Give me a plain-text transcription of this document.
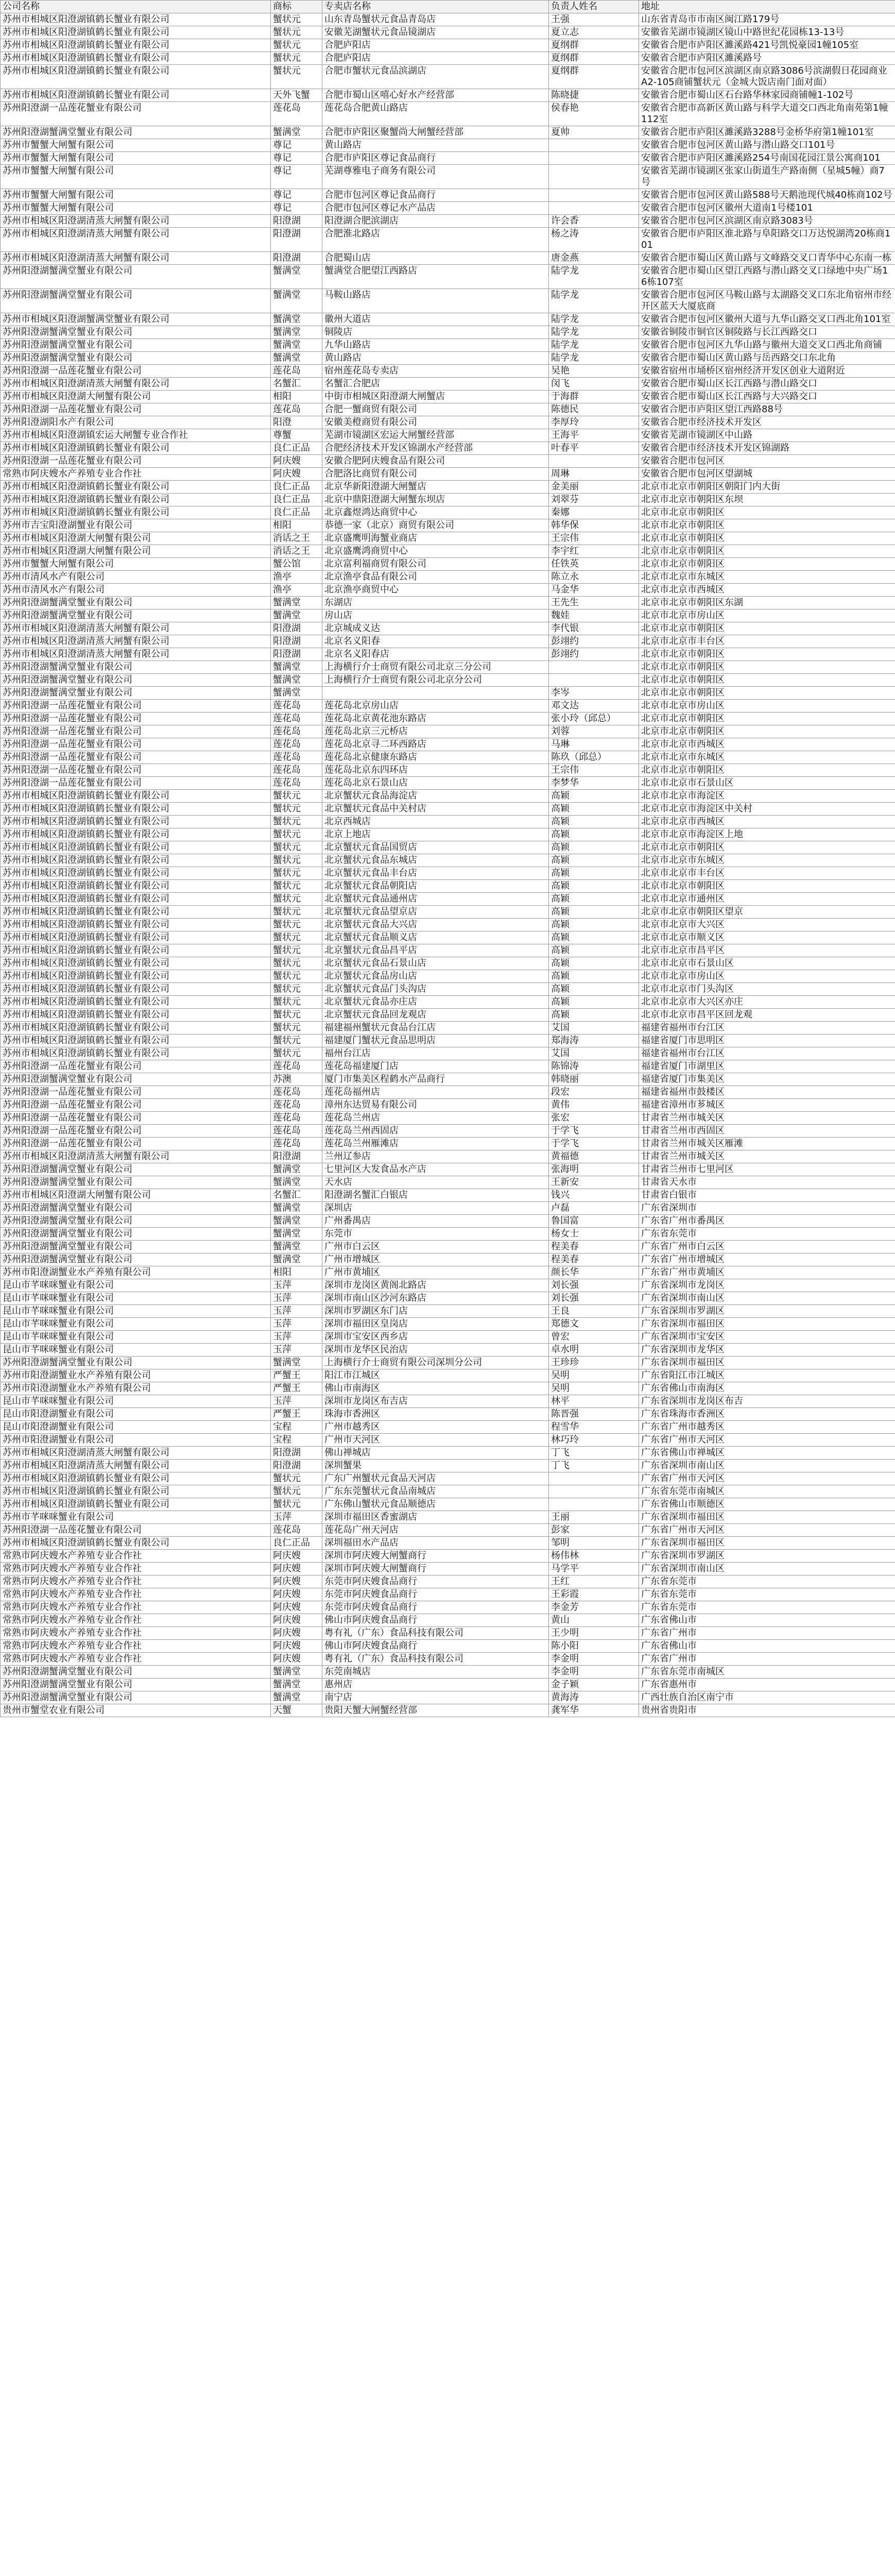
公司名称	商标	专卖店名称	负责人姓名	地址
苏州市相城区阳澄湖镇鹤长蟹业有限公司	蟹状元	山东青岛蟹状元食品青岛店	王强	山东省青岛市市南区闽江路179号
苏州市相城区阳澄湖镇鹤长蟹业有限公司	蟹状元	安徽芜湖蟹状元食品镜湖店	夏立志	安徽省芜湖市镜湖区镜山中路世纪花园栋13-13号
苏州市相城区阳澄湖镇鹤长蟹业有限公司	蟹状元	合肥庐阳店	夏纲群	安徽省合肥市庐阳区濉溪路421号凯悦豪园1幢105室
苏州市相城区阳澄湖镇鹤长蟹业有限公司	蟹状元	合肥庐阳店	夏纲群	安徽省合肥市庐阳区濉溪路号
苏州市相城区阳澄湖镇鹤长蟹业有限公司	蟹状元	合肥市蟹状元食品滨湖店	夏纲群	安徽省合肥市包河区滨湖区南京路3086号滨湖假日花园商业A2-105商铺蟹状元（金城大饭店南门面对面）
苏州市相城区阳澄湖镇鹤长蟹业有限公司	天外飞蟹	合肥市蜀山区嘻心好水产经营部	陈晓捷	安徽省合肥市蜀山区石台路华林家园商铺幢1-102号
苏州阳澄湖一品莲花蟹业有限公司	莲花岛	莲花岛合肥黄山路店	侯春艳	安徽省合肥市高新区黄山路与科学大道交口西北角南苑第1幢112室
苏州阳澄湖蟹满堂蟹业有限公司	蟹满堂	合肥市庐阳区聚蟹尚大闸蟹经营部	夏帅	安徽省合肥市庐阳区濉溪路3288号金桥华府第1幢101室
苏州市蟹蟹大闸蟹有限公司	尊记	黄山路店		安徽省合肥市包河区黄山路与潜山路交口101号
苏州市蟹蟹大闸蟹有限公司	尊记	合肥市庐阳区尊记食品商行		安徽省合肥市庐阳区濉溪路254号南国花园江景公寓商101
苏州市蟹蟹大闸蟹有限公司	尊记	芜湖尊雅电子商务有限公司		安徽省芜湖市镜湖区张家山街道生产路南侧（星城5幢）商7号
苏州市蟹蟹大闸蟹有限公司	尊记	合肥市包河区尊记食品商行		安徽省合肥市包河区黄山路588号天鹅池现代城40栋商102号
苏州市蟹蟹大闸蟹有限公司	尊记	合肥市包河区尊记水产品店		安徽省合肥市包河区徽州大道南1号楼101
苏州市相城区阳澄湖清蒸大闸蟹有限公司	阳澄湖	阳澄湖合肥滨湖店	许会香	安徽省合肥市包河区滨湖区南京路3083号
苏州市相城区阳澄湖清蒸大闸蟹有限公司	阳澄湖	合肥淮北路店	杨之涛	安徽省合肥市庐阳区淮北路与阜阳路交口万达悦湖湾20栋商101
苏州市相城区阳澄湖清蒸大闸蟹有限公司	阳澄湖	合肥蜀山店	唐金燕	安徽省合肥市蜀山区黄山路与文峰路交叉口青华中心东南一栋
苏州阳澄湖蟹满堂蟹业有限公司	蟹满堂	蟹满堂合肥望江西路店	陆学龙	安徽省合肥市蜀山区望江西路与潜山路交叉口绿地中央广场16栋107室
苏州阳澄湖蟹满堂蟹业有限公司	蟹满堂	马鞍山路店	陆学龙	安徽省合肥市包河区马鞍山路与太湖路交叉口东北角宿州市经开区蓝天大厦底商
苏州市相城区阳澄湖蟹满堂蟹业有限公司	蟹满堂	徽州大道店	陆学龙	安徽省合肥市包河区徽州大道与九华山路交叉口西北角101室
苏州阳澄湖蟹满堂蟹业有限公司	蟹满堂	铜陵店	陆学龙	安徽省铜陵市铜官区铜陵路与长江西路交口
苏州阳澄湖蟹满堂蟹业有限公司	蟹满堂	九华山路店	陆学龙	安徽省合肥市包河区九华山路与徽州大道交叉口西北角商铺
苏州阳澄湖蟹满堂蟹业有限公司	蟹满堂	黄山路店	陆学龙	安徽省合肥市蜀山区黄山路与岳西路交口东北角
苏州阳澄湖一品莲花蟹业有限公司	莲花岛	宿州莲花岛专卖店	吴艳	安徽省宿州市埇桥区宿州经济开发区创业大道附近
苏州市相城区阳澄湖清蒸大闸蟹有限公司	名蟹汇	名蟹汇合肥店	闵飞	安徽省合肥市蜀山区长江西路与潜山路交口
苏州市相城区阳澄湖大闸蟹有限公司	相阳	中街市相城区阳澄湖大闸蟹店	于海群	安徽省合肥市蜀山区长江西路与大兴路交口
苏州阳澄湖一品莲花蟹业有限公司	莲花岛	合肥一蟹商贸有限公司	陈德民	安徽省合肥市庐阳区望江西路88号
苏州阳澄湖阳水产有限公司	阳澄	安徽美橙商贸有限公司	李厚玲	安徽省合肥市经济技术开发区
苏州市相城区阳澄湖镇宏运大闸蟹专业合作社	尊蟹	芜湖市镜湖区宏运大闸蟹经营部	王海平	安徽省芜湖市镜湖区中山路
苏州市相城区阳澄湖镇鹤长蟹业有限公司	良仁正品	合肥经济技术开发区锦湖水产经营部	叶春平	安徽省合肥市经济技术开发区锦湖路
苏州阳澄湖一品莲花蟹业有限公司	阿庆嫂	安徽合肥阿庆嫂食品有限公司		安徽省合肥市包河区
常熟市阿庆嫂水产养殖专业合作社	阿庆嫂	合肥洛比商贸有限公司	周琳	安徽省合肥市包河区望湖城
苏州市相城区阳澄湖镇鹤长蟹业有限公司	良仁正品	北京华新阳澄湖大闸蟹店	金美丽	北京市北京市朝阳区朝阳门内大街
苏州市相城区阳澄湖镇鹤长蟹业有限公司	良仁正品	北京中鼎阳澄湖大闸蟹东坝店	刘翠芬	北京市北京市朝阳区东坝
苏州市相城区阳澄湖镇鹤长蟹业有限公司	良仁正品	北京鑫煜鸿达商贸中心	秦娜	北京市北京市朝阳区
苏州市吉宝阳澄湖蟹业有限公司	相阳	恭德一家（北京）商贸有限公司	韩华保	北京市北京市朝阳区
苏州市相城区阳澄湖大闸蟹有限公司	消话之王	北京盛鹰明海蟹业商店	王宗伟	北京市北京市朝阳区
苏州市相城区阳澄湖大闸蟹有限公司	消话之王	北京盛鹰鸿商贸中心	李宇红	北京市北京市朝阳区
苏州市蟹蟹大闸蟹有限公司	蟹公馆	北京富利福商贸有限公司	任铁英	北京市北京市朝阳区
苏州市清风水产有限公司	渔亭	北京渔亭食品有限公司	陈立永	北京市北京市东城区
苏州市清风水产有限公司	渔亭	北京渔亭商贸中心	马金华	北京市北京市西城区
苏州阳澄湖蟹满堂蟹业有限公司	蟹满堂	东湖店	王先生	北京市北京市朝阳区东湖
苏州阳澄湖蟹满堂蟹业有限公司	蟹满堂	房山店	魏娃	北京市北京市房山区
苏州市相城区阳澄湖清蒸大闸蟹有限公司	阳澄湖	北京城成义达	李代银	北京市北京市朝阳区
苏州市相城区阳澄湖清蒸大闸蟹有限公司	阳澄湖	北京名义阳春	彭翊约	北京市北京市丰台区
苏州市相城区阳澄湖清蒸大闸蟹有限公司	阳澄湖	北京名义阳春店	彭翊约	北京市北京市朝阳区
苏州阳澄湖蟹满堂蟹业有限公司	蟹满堂	上海横行介士商贸有限公司北京三分公司		北京市北京市朝阳区
苏州阳澄湖蟹满堂蟹业有限公司	蟹满堂	上海横行介士商贸有限公司北京分公司		北京市北京市朝阳区
苏州阳澄湖蟹满堂蟹业有限公司	蟹满堂		李岑	北京市北京市朝阳区
苏州阳澄湖一品莲花蟹业有限公司	莲花岛	莲花岛北京房山店	邓文达	北京市北京市房山区
苏州阳澄湖一品莲花蟹业有限公司	莲花岛	莲花岛北京黄花池东路店	张小玲（邱总）	北京市北京市朝阳区
苏州阳澄湖一品莲花蟹业有限公司	莲花岛	莲花岛北京三元桥店	刘蓉	北京市北京市朝阳区
苏州阳澄湖一品莲花蟹业有限公司	莲花岛	莲花岛北京寻二环西路店	马琳	北京市北京市西城区
苏州阳澄湖一品莲花蟹业有限公司	莲花岛	莲花岛北京健康东路店	陈玖（邱总）	北京市北京市东城区
苏州阳澄湖一品莲花蟹业有限公司	莲花岛	莲花岛北京东四环店	王宗伟	北京市北京市朝阳区
苏州阳澄湖一品莲花蟹业有限公司	莲花岛	莲花岛北京石景山店	李梦华	北京市北京市石景山区
苏州市相城区阳澄湖镇鹤长蟹业有限公司	蟹状元	北京蟹状元食品海淀店	高颖	北京市北京市海淀区
苏州市相城区阳澄湖镇鹤长蟹业有限公司	蟹状元	北京蟹状元食品中关村店	高颖	北京市北京市海淀区中关村
苏州市相城区阳澄湖镇鹤长蟹业有限公司	蟹状元	北京西城店	高颖	北京市北京市西城区
苏州市相城区阳澄湖镇鹤长蟹业有限公司	蟹状元	北京上地店	高颖	北京市北京市海淀区上地
苏州市相城区阳澄湖镇鹤长蟹业有限公司	蟹状元	北京蟹状元食品国贸店	高颖	北京市北京市朝阳区
苏州市相城区阳澄湖镇鹤长蟹业有限公司	蟹状元	北京蟹状元食品东城店	高颖	北京市北京市东城区
苏州市相城区阳澄湖镇鹤长蟹业有限公司	蟹状元	北京蟹状元食品丰台店	高颖	北京市北京市丰台区
苏州市相城区阳澄湖镇鹤长蟹业有限公司	蟹状元	北京蟹状元食品朝阳店	高颖	北京市北京市朝阳区
苏州市相城区阳澄湖镇鹤长蟹业有限公司	蟹状元	北京蟹状元食品通州店	高颖	北京市北京市通州区
苏州市相城区阳澄湖镇鹤长蟹业有限公司	蟹状元	北京蟹状元食品望京店	高颖	北京市北京市朝阳区望京
苏州市相城区阳澄湖镇鹤长蟹业有限公司	蟹状元	北京蟹状元食品大兴店	高颖	北京市北京市大兴区
苏州市相城区阳澄湖镇鹤长蟹业有限公司	蟹状元	北京蟹状元食品顺义店	高颖	北京市北京市顺义区
苏州市相城区阳澄湖镇鹤长蟹业有限公司	蟹状元	北京蟹状元食品昌平店	高颖	北京市北京市昌平区
苏州市相城区阳澄湖镇鹤长蟹业有限公司	蟹状元	北京蟹状元食品石景山店	高颖	北京市北京市石景山区
苏州市相城区阳澄湖镇鹤长蟹业有限公司	蟹状元	北京蟹状元食品房山店	高颖	北京市北京市房山区
苏州市相城区阳澄湖镇鹤长蟹业有限公司	蟹状元	北京蟹状元食品门头沟店	高颖	北京市北京市门头沟区
苏州市相城区阳澄湖镇鹤长蟹业有限公司	蟹状元	北京蟹状元食品亦庄店	高颖	北京市北京市大兴区亦庄
苏州市相城区阳澄湖镇鹤长蟹业有限公司	蟹状元	北京蟹状元食品回龙观店	高颖	北京市北京市昌平区回龙观
苏州市相城区阳澄湖镇鹤长蟹业有限公司	蟹状元	福建福州蟹状元食品台江店	艾国	福建省福州市台江区
苏州市相城区阳澄湖镇鹤长蟹业有限公司	蟹状元	福建厦门蟹状元食品思明店	郑海涛	福建省厦门市思明区
苏州市相城区阳澄湖镇鹤长蟹业有限公司	蟹状元	福州台江店	艾国	福建省福州市台江区
苏州阳澄湖一品莲花蟹业有限公司	莲花岛	莲花岛福建厦门店	陈锦涛	福建省厦门市湖里区
苏州阳澄湖蟹满堂蟹业有限公司	苏澳	厦门市集美区程鹤水产品商行	韩晓丽	福建省厦门市集美区
苏州阳澄湖一品莲花蟹业有限公司	莲花岛	莲花岛福州店	段宏	福建省福州市鼓楼区
苏州阳澄湖一品莲花蟹业有限公司	莲花岛	漳州东达贸易有限公司	黄伟	福建省漳州市芗城区
苏州阳澄湖一品莲花蟹业有限公司	莲花岛	莲花岛兰州店	张宏	甘肃省兰州市城关区
苏州阳澄湖一品莲花蟹业有限公司	莲花岛	莲花岛兰州西固店	于学飞	甘肃省兰州市西固区
苏州阳澄湖一品莲花蟹业有限公司	莲花岛	莲花岛兰州雁滩店	于学飞	甘肃省兰州市城关区雁滩
苏州市相城区阳澄湖清蒸大闸蟹有限公司	阳澄湖	兰州辽参店	黄福德	甘肃省兰州市城关区
苏州阳澄湖蟹满堂蟹业有限公司	蟹满堂	七里河区大发食品水产店	张海明	甘肃省兰州市七里河区
苏州阳澄湖蟹满堂蟹业有限公司	蟹满堂	天水店	王新安	甘肃省天水市
苏州市相城区阳澄湖大闸蟹有限公司	名蟹汇	阳澄湖名蟹汇白银店	钱兴	甘肃省白银市
苏州阳澄湖蟹满堂蟹业有限公司	蟹满堂	深圳店	卢磊	广东省深圳市
苏州阳澄湖蟹满堂蟹业有限公司	蟹满堂	广州番禺店	鲁国富	广东省广州市番禺区
苏州阳澄湖蟹满堂蟹业有限公司	蟹满堂	东莞市	杨女士	广东省东莞市
苏州阳澄湖蟹满堂蟹业有限公司	蟹满堂	广州市白云区	程美春	广东省广州市白云区
苏州阳澄湖蟹满堂蟹业有限公司	蟹满堂	广州市增城区	程美春	广东省广州市增城区
苏州市阳澄湖蟹业水产养殖有限公司	相阳	广州市黄埔区	颜长华	广东省广州市黄埔区
昆山市芊咪咪蟹业有限公司	玉萍	深圳市龙岗区黄阁北路店	刘长强	广东省深圳市龙岗区
昆山市芊咪咪蟹业有限公司	玉萍	深圳市南山区沙河东路店	刘长强	广东省深圳市南山区
昆山市芊咪咪蟹业有限公司	玉萍	深圳市罗湖区东门店	王良	广东省深圳市罗湖区
昆山市芊咪咪蟹业有限公司	玉萍	深圳市福田区皇岗店	郑德文	广东省深圳市福田区
昆山市芊咪咪蟹业有限公司	玉萍	深圳市宝安区西乡店	曾宏	广东省深圳市宝安区
昆山市芊咪咪蟹业有限公司	玉萍	深圳市龙华区民治店	卓水明	广东省深圳市龙华区
苏州阳澄湖蟹满堂蟹业有限公司	蟹满堂	上海横行介士商贸有限公司深圳分公司	王珍珍	广东省深圳市福田区
苏州市阳澄湖蟹业水产养殖有限公司	严蟹王	阳江市江城区	吴明	广东省阳江市江城区
苏州市阳澄湖蟹业水产养殖有限公司	严蟹王	佛山市南海区	吴明	广东省佛山市南海区
昆山市芊咪咪蟹业有限公司	玉萍	深圳市龙岗区布吉店	林平	广东省深圳市龙岗区布吉
昆山市阳澄湖蟹业有限公司	严蟹王	珠海市香洲区	陈晋强	广东省珠海市香洲区
昆山市阳澄湖蟹业有限公司	宝程	广州市越秀区	程雪华	广东省广州市越秀区
苏州市阳澄湖蟹业有限公司	宝程	广州市天河区	林巧玲	广东省广州市天河区
苏州市相城区阳澄湖清蒸大闸蟹有限公司	阳澄湖	佛山禅城店	丁飞	广东省佛山市禅城区
苏州市相城区阳澄湖清蒸大闸蟹有限公司	阳澄湖	深圳蟹果	丁飞	广东省深圳市南山区
苏州市相城区阳澄湖镇鹤长蟹业有限公司	蟹状元	广东广州蟹状元食品天河店		广东省广州市天河区
苏州市相城区阳澄湖镇鹤长蟹业有限公司	蟹状元	广东东莞蟹状元食品南城店		广东省东莞市南城区
苏州市相城区阳澄湖镇鹤长蟹业有限公司	蟹状元	广东佛山蟹状元食品顺德店		广东省佛山市顺德区
苏州市芊咪咪蟹业有限公司	玉萍	深圳市福田区香蜜湖店	王丽	广东省深圳市福田区
苏州阳澄湖一品莲花蟹业有限公司	莲花岛	莲花岛广州天河店	彭家	广东省广州市天河区
苏州市相城区阳澄湖镇鹤长蟹业有限公司	良仁正品	深圳福田水产品店	邹明	广东省深圳市福田区
常熟市阿庆嫂水产养殖专业合作社	阿庆嫂	深圳市阿庆嫂大闸蟹商行	杨伟林	广东省深圳市罗湖区
常熟市阿庆嫂水产养殖专业合作社	阿庆嫂	深圳市阿庆嫂大闸蟹商行	马学平	广东省深圳市南山区
常熟市阿庆嫂水产养殖专业合作社	阿庆嫂	东莞市阿庆嫂食品商行	王红	广东省东莞市
常熟市阿庆嫂水产养殖专业合作社	阿庆嫂	东莞市阿庆嫂食品商行	王彩霞	广东省东莞市
常熟市阿庆嫂水产养殖专业合作社	阿庆嫂	东莞市阿庆嫂食品商行	李金芳	广东省东莞市
常熟市阿庆嫂水产养殖专业合作社	阿庆嫂	佛山市阿庆嫂食品商行	黄山	广东省佛山市
常熟市阿庆嫂水产养殖专业合作社	阿庆嫂	粤有礼（广东）食品科技有限公司	王少明	广东省广州市
常熟市阿庆嫂水产养殖专业合作社	阿庆嫂	佛山市阿庆嫂食品商行	陈小阳	广东省佛山市
常熟市阿庆嫂水产养殖专业合作社	阿庆嫂	粤有礼（广东）食品科技有限公司	李金明	广东省广州市
苏州阳澄湖蟹满堂蟹业有限公司	蟹满堂	东莞南城店	李金明	广东省东莞市南城区
苏州阳澄湖蟹满堂蟹业有限公司	蟹满堂	惠州店	金子颖	广东省惠州市
苏州阳澄湖蟹满堂蟹业有限公司	蟹满堂	南宁店	黄海涛	广西壮族自治区南宁市
贵州市蟹堂农业有限公司	天蟹	贵阳天蟹大闸蟹经营部	龚军华	贵州省贵阳市
